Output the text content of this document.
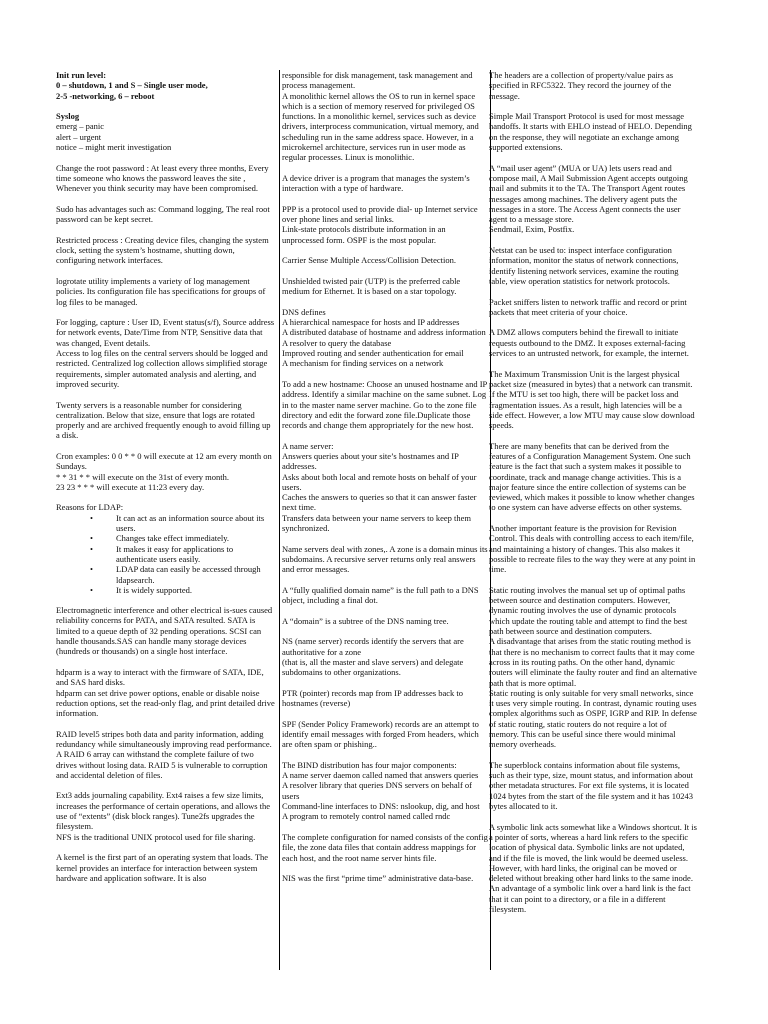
Init run level:

0 – shutdown, 1 and S – Single user mode,

2-5 -networking, 6 – reboot

Syslog

emerg – panic
alert – urgent
notice – might merit investigation

Change the root password : At least every three months, Every time someone who knows the password leaves the site , Whenever you think security may have been compromised.

Sudo has advantages such as: Command logging, The real root password can be kept secret.

Restricted process : Creating device files, changing the system clock, setting the system’s hostname, shutting down, configuring network interfaces.

logrotate utility implements a variety of log management policies. Its configuration file has specifications for groups of log files to be managed.

For logging, capture : User ID, Event status(s/f), Source address for network events, Date/Time from NTP, Sensitive data that was changed, Event details.
Access to log files on the central servers should be logged and restricted. Centralized log collection allows simplified storage requirements, simpler automated analysis and alerting, and improved security.

Twenty servers is a reasonable number for considering centralization. Below that size, ensure that logs are rotated properly and are archived frequently enough to avoid filling up a disk.

Cron examples: 0 0 * * 0 will execute at 12 am every month on Sundays.
* * 31 * * will execute on the 31st of every month.
23 23 * * * will execute at 11:23 every day.

Reasons for LDAP:

• It can act as an information source about its users.
• Changes take effect immediately.
• It makes it easy for applications to authenticate users easily.
• LDAP data can easily be accessed through ldapsearch.
• It is widely supported.

Electromagnetic interference and other electrical is-sues caused reliability concerns for PATA, and SATA resulted. SATA is limited to a queue depth of 32 pending operations. SCSI can handle thousands.SAS can handle many storage devices (hundreds or thousands) on a single host interface.

hdparm is a way to interact with the firmware of SATA, IDE, and SAS hard disks.
hdparm can set drive power options, enable or disable noise reduction options, set the read-only flag, and print detailed drive information.

RAID level5 stripes both data and parity information, adding redundancy while simultaneously improving read performance. A RAID 6 array can withstand the complete failure of two drives without losing data. RAID 5 is vulnerable to corruption and accidental deletion of files.

Ext3 adds journaling capability. Ext4 raises a few size limits, increases the performance of certain operations, and allows the use of “extents” (disk block ranges). Tune2fs upgrades the filesystem.
NFS is the traditional UNIX protocol used for file sharing.

A kernel is the first part of an operating system that loads. The kernel provides an interface for interaction between system hardware and application software. It is also

responsible for disk management, task management and process management.
A monolithic kernel allows the OS to run in kernel space which is a section of memory reserved for privileged OS functions. In a monolithic kernel, services such as device drivers, interprocess communication, virtual memory, and scheduling run in the same address space. However, in a microkernel architecture, services run in user mode as regular processes. Linux is monolithic.

A device driver is a program that manages the system’s interaction with a type of hardware.

PPP is a protocol used to provide dial- up Internet service over phone lines and serial links.
Link-state protocols distribute information in an unprocessed form. OSPF is the most popular.

Carrier Sense Multiple Access/Collision Detection.

Unshielded twisted pair (UTP) is the preferred cable medium for Ethernet. It is based on a star topology.

DNS defines
A hierarchical namespace for hosts and IP addresses
A distributed database of hostname and address information
A resolver to query the database
Improved routing and sender authentication for email
A mechanism for finding services on a network

To add a new hostname: Choose an unused hostname and IP address. Identify a similar machine on the same subnet. Log in to the master name server machine. Go to the zone file directory and edit the forward zone file.Duplicate those records and change them appropriately for the new host.

A name server:
Answers queries about your site’s hostnames and IP addresses.
Asks about both local and remote hosts on behalf of your users.
Caches the answers to queries so that it can answer faster next time.
Transfers data between your name servers to keep them synchronized.

Name servers deal with zones,. A zone is a domain minus its subdomains. A recursive server returns only real answers and error messages.

A “fully qualified domain name” is the full path to a DNS object, including a final dot.

A “domain” is a subtree of the DNS naming tree.

NS (name server) records identify the servers that are authoritative for a zone
(that is, all the master and slave servers) and delegate subdomains to other organizations.

PTR (pointer) records map from IP addresses back to hostnames (reverse)

SPF (Sender Policy Framework) records are an attempt to identify email messages with forged From headers, which are often spam or phishing..

The BIND distribution has four major components:
A name server daemon called named that answers queries
A resolver library that queries DNS servers on behalf of users
Command-line interfaces to DNS: nslookup, dig, and host
A program to remotely control named called rndc

The complete configuration for named consists of the config file, the zone data files that contain address mappings for each host, and the root name server hints file.

NIS was the first “prime time” administrative data-base.

The headers are a collection of property/value pairs as specified in RFC5322. They record the journey of the message.

Simple Mail Transport Protocol is used for most message handoffs. It starts with EHLO instead of HELO. Depending on the response, they will negotiate an exchange among supported extensions.

A “mail user agent” (MUA or UA) lets users read and compose mail, A Mail Submission Agent accepts outgoing mail and submits it to the TA. The Transport Agent routes messages among machines. The delivery agent puts the messages in a store. The Access Agent connects the user agent to a message store.
Sendmail, Exim, Postfix.

Netstat can be used to: inspect interface configuration information, monitor the status of network connections, identify listening network services, examine the routing table, view operation statistics for network protocols.

Packet sniffers listen to network traffic and record or print packets that meet criteria of your choice.

A DMZ allows computers behind the firewall to initiate requests outbound to the DMZ. It exposes external-facing services to an untrusted network, for example, the internet.

The Maximum Transmission Unit is the largest physical packet size (measured in bytes) that a network can transmit. If the MTU is set too high, there will be packet loss and fragmentation issues. As a result, high latencies will be a side effect. However, a low MTU may cause slow download speeds.

There are many benefits that can be derived from the features of a Configuration Management System. One such feature is the fact that such a system makes it possible to coordinate, track and manage change activities. This is a major feature since the entire collection of systems can be reviewed, which makes it possible to know whether changes to one system can have adverse effects on other systems.

Another important feature is the provision for Revision Control. This deals with controlling access to each item/file, and maintaining a history of changes. This also makes it possible to recreate files to the way they were at any point in time.

Static routing involves the manual set up of optimal paths between source and destination computers. However, dynamic routing involves the use of dynamic protocols which update the routing table and attempt to find the best path between source and destination computers.
A disadvantage that arises from the static routing method is that there is no mechanism to correct faults that it may come across in its routing paths. On the other hand, dynamic routers will eliminate the faulty router and find an alternative path that is more optimal.
Static routing is only suitable for very small networks, since it uses very simple routing. In contrast, dynamic routing uses complex algorithms such as OSPF, IGRP and RIP. In defense of static routing, static routers do not require a lot of memory. This can be useful since there would minimal memory overheads.

The superblock contains information about file systems, such as their type, size, mount status, and information about other metadata structures. For ext file systems, it is located 1024 bytes from the start of the file system and it has 10243 bytes allocated to it.

A symbolic link acts somewhat like a Windows shortcut. It is a pointer of sorts, whereas a hard link refers to the specific location of physical data. Symbolic links are not updated, and if the file is moved, the link would be deemed useless. However, with hard links, the original can be moved or deleted without breaking other hard links to the same inode.
An advantage of a symbolic link over a hard link is the fact that it can point to a directory, or a file in a different filesystem.
